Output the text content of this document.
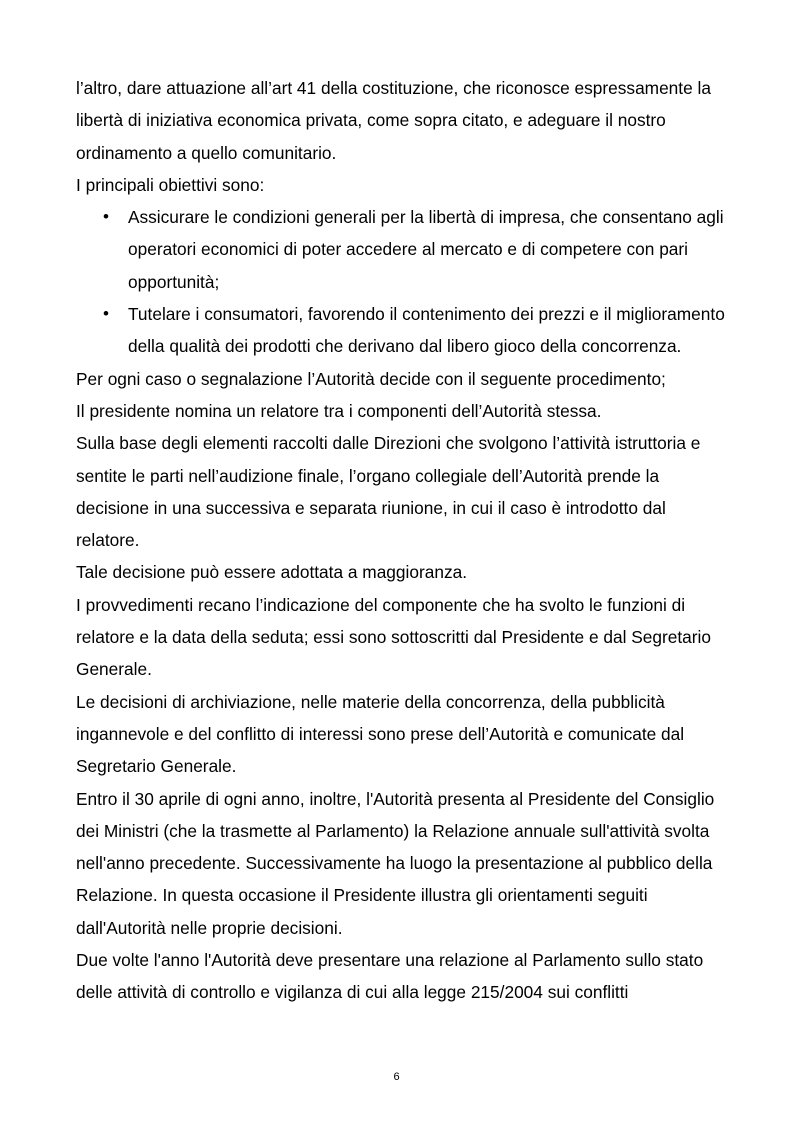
l’altro, dare attuazione all’art 41 della costituzione, che riconosce espressamente la libertà di iniziativa economica privata, come sopra citato, e adeguare il nostro ordinamento a quello comunitario.

I principali obiettivi sono:

• Assicurare le condizioni generali per la libertà di impresa, che consentano agli operatori economici di poter accedere al mercato e di competere con pari opportunità;
• Tutelare i consumatori, favorendo il contenimento dei prezzi e il miglioramento della qualità dei prodotti che derivano dal libero gioco della concorrenza.

Per ogni caso o segnalazione l’Autorità decide con il seguente procedimento;

Il presidente nomina un relatore tra i componenti dell’Autorità stessa.

Sulla base degli elementi raccolti dalle Direzioni che svolgono l’attività istruttoria e sentite le parti nell’audizione finale, l’organo collegiale dell’Autorità prende la decisione in una successiva e separata riunione, in cui il caso è introdotto dal relatore.

Tale decisione può essere adottata a maggioranza.

I provvedimenti recano l’indicazione del componente che ha svolto le funzioni di relatore e la data della seduta; essi sono sottoscritti dal Presidente e dal Segretario Generale.

Le decisioni di archiviazione, nelle materie della concorrenza, della pubblicità ingannevole e del conflitto di interessi sono prese dell’Autorità e comunicate dal Segretario Generale.

Entro il 30 aprile di ogni anno, inoltre, l'Autorità presenta al Presidente del Consiglio dei Ministri (che la trasmette al Parlamento) la Relazione annuale sull'attività svolta nell'anno precedente. Successivamente ha luogo la presentazione al pubblico della Relazione. In questa occasione il Presidente illustra gli orientamenti seguiti dall'Autorità nelle proprie decisioni.

Due volte l'anno l'Autorità deve presentare una relazione al Parlamento sullo stato delle attività di controllo e vigilanza di cui alla legge 215/2004 sui conflitti

6
